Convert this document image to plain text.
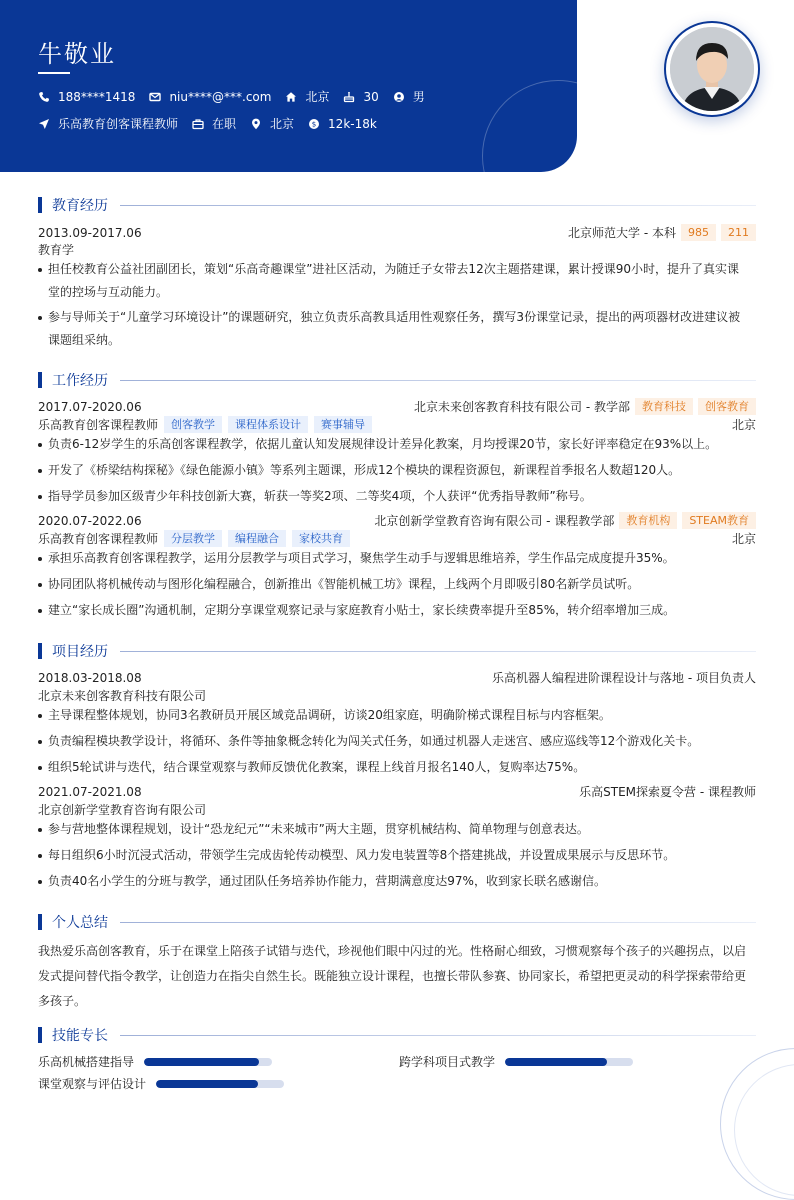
牛敬业
188****1418	niu****@***.com	北京	30	男
乐高教育创客课程教师	在职	北京	$ 12k-18k
教育经历
2013.09-2017.06	北京师范大学 - 本科	985	211
教育学
担任校教育公益社团副团长，策划“乐高奇趣课堂”进社区活动，为随迁子女带去12次主题搭建课，累计授课90小时，提升了真实课堂的控场与互动能力。
参与导师关于“儿童学习环境设计”的课题研究，独立负责乐高教具适用性观察任务，撰写3份课堂记录，提出的两项器材改进建议被课题组采纳。
工作经历
2017.07-2020.06	北京未来创客教育科技有限公司 - 教学部	教育科技	创客教育
乐高教育创客课程教师	创客教学	课程体系设计	赛事辅导	北京
负责6-12岁学生的乐高创客课程教学，依据儿童认知发展规律设计差异化教案，月均授课20节，家长好评率稳定在93%以上。
开发了《桥梁结构探秘》《绿色能源小镇》等系列主题课，形成12个模块的课程资源包，新课程首季报名人数超120人。
指导学员参加区级青少年科技创新大赛，斩获一等奖2项、二等奖4项，个人获评“优秀指导教师”称号。
2020.07-2022.06	北京创新学堂教育咨询有限公司 - 课程教学部	教育机构	STEAM教育
乐高教育创客课程教师	分层教学	编程融合	家校共育	北京
承担乐高教育创客课程教学，运用分层教学与项目式学习，聚焦学生动手与逻辑思维培养，学生作品完成度提升35%。
协同团队将机械传动与图形化编程融合，创新推出《智能机械工坊》课程，上线两个月即吸引80名新学员试听。
建立“家长成长圈”沟通机制，定期分享课堂观察记录与家庭教育小贴士，家长续费率提升至85%，转介绍率增加三成。
项目经历
2018.03-2018.08	乐高机器人编程进阶课程设计与落地 - 项目负责人
北京未来创客教育科技有限公司
主导课程整体规划，协同3名教研员开展区域竞品调研，访谈20组家庭，明确阶梯式课程目标与内容框架。
负责编程模块教学设计，将循环、条件等抽象概念转化为闯关式任务，如通过机器人走迷宫、感应巡线等12个游戏化关卡。
组织5轮试讲与迭代，结合课堂观察与教师反馈优化教案，课程上线首月报名140人，复购率达75%。
2021.07-2021.08	乐高STEM探索夏令营 - 课程教师
北京创新学堂教育咨询有限公司
参与营地整体课程规划，设计“恐龙纪元”“未来城市”两大主题，贯穿机械结构、简单物理与创意表达。
每日组织6小时沉浸式活动，带领学生完成齿轮传动模型、风力发电装置等8个搭建挑战，并设置成果展示与反思环节。
负责40名小学生的分班与教学，通过团队任务培养协作能力，营期满意度达97%，收到家长联名感谢信。
个人总结
我热爱乐高创客教育，乐于在课堂上陪孩子试错与迭代，珍视他们眼中闪过的光。性格耐心细致，习惯观察每个孩子的兴趣拐点，以启发式提问替代指令教学，让创造力在指尖自然生长。既能独立设计课程，也擅长带队参赛、协同家长，希望把更灵动的科学探索带给更多孩子。
技能专长
乐高机械搭建指导	跨学科项目式教学
课堂观察与评估设计
